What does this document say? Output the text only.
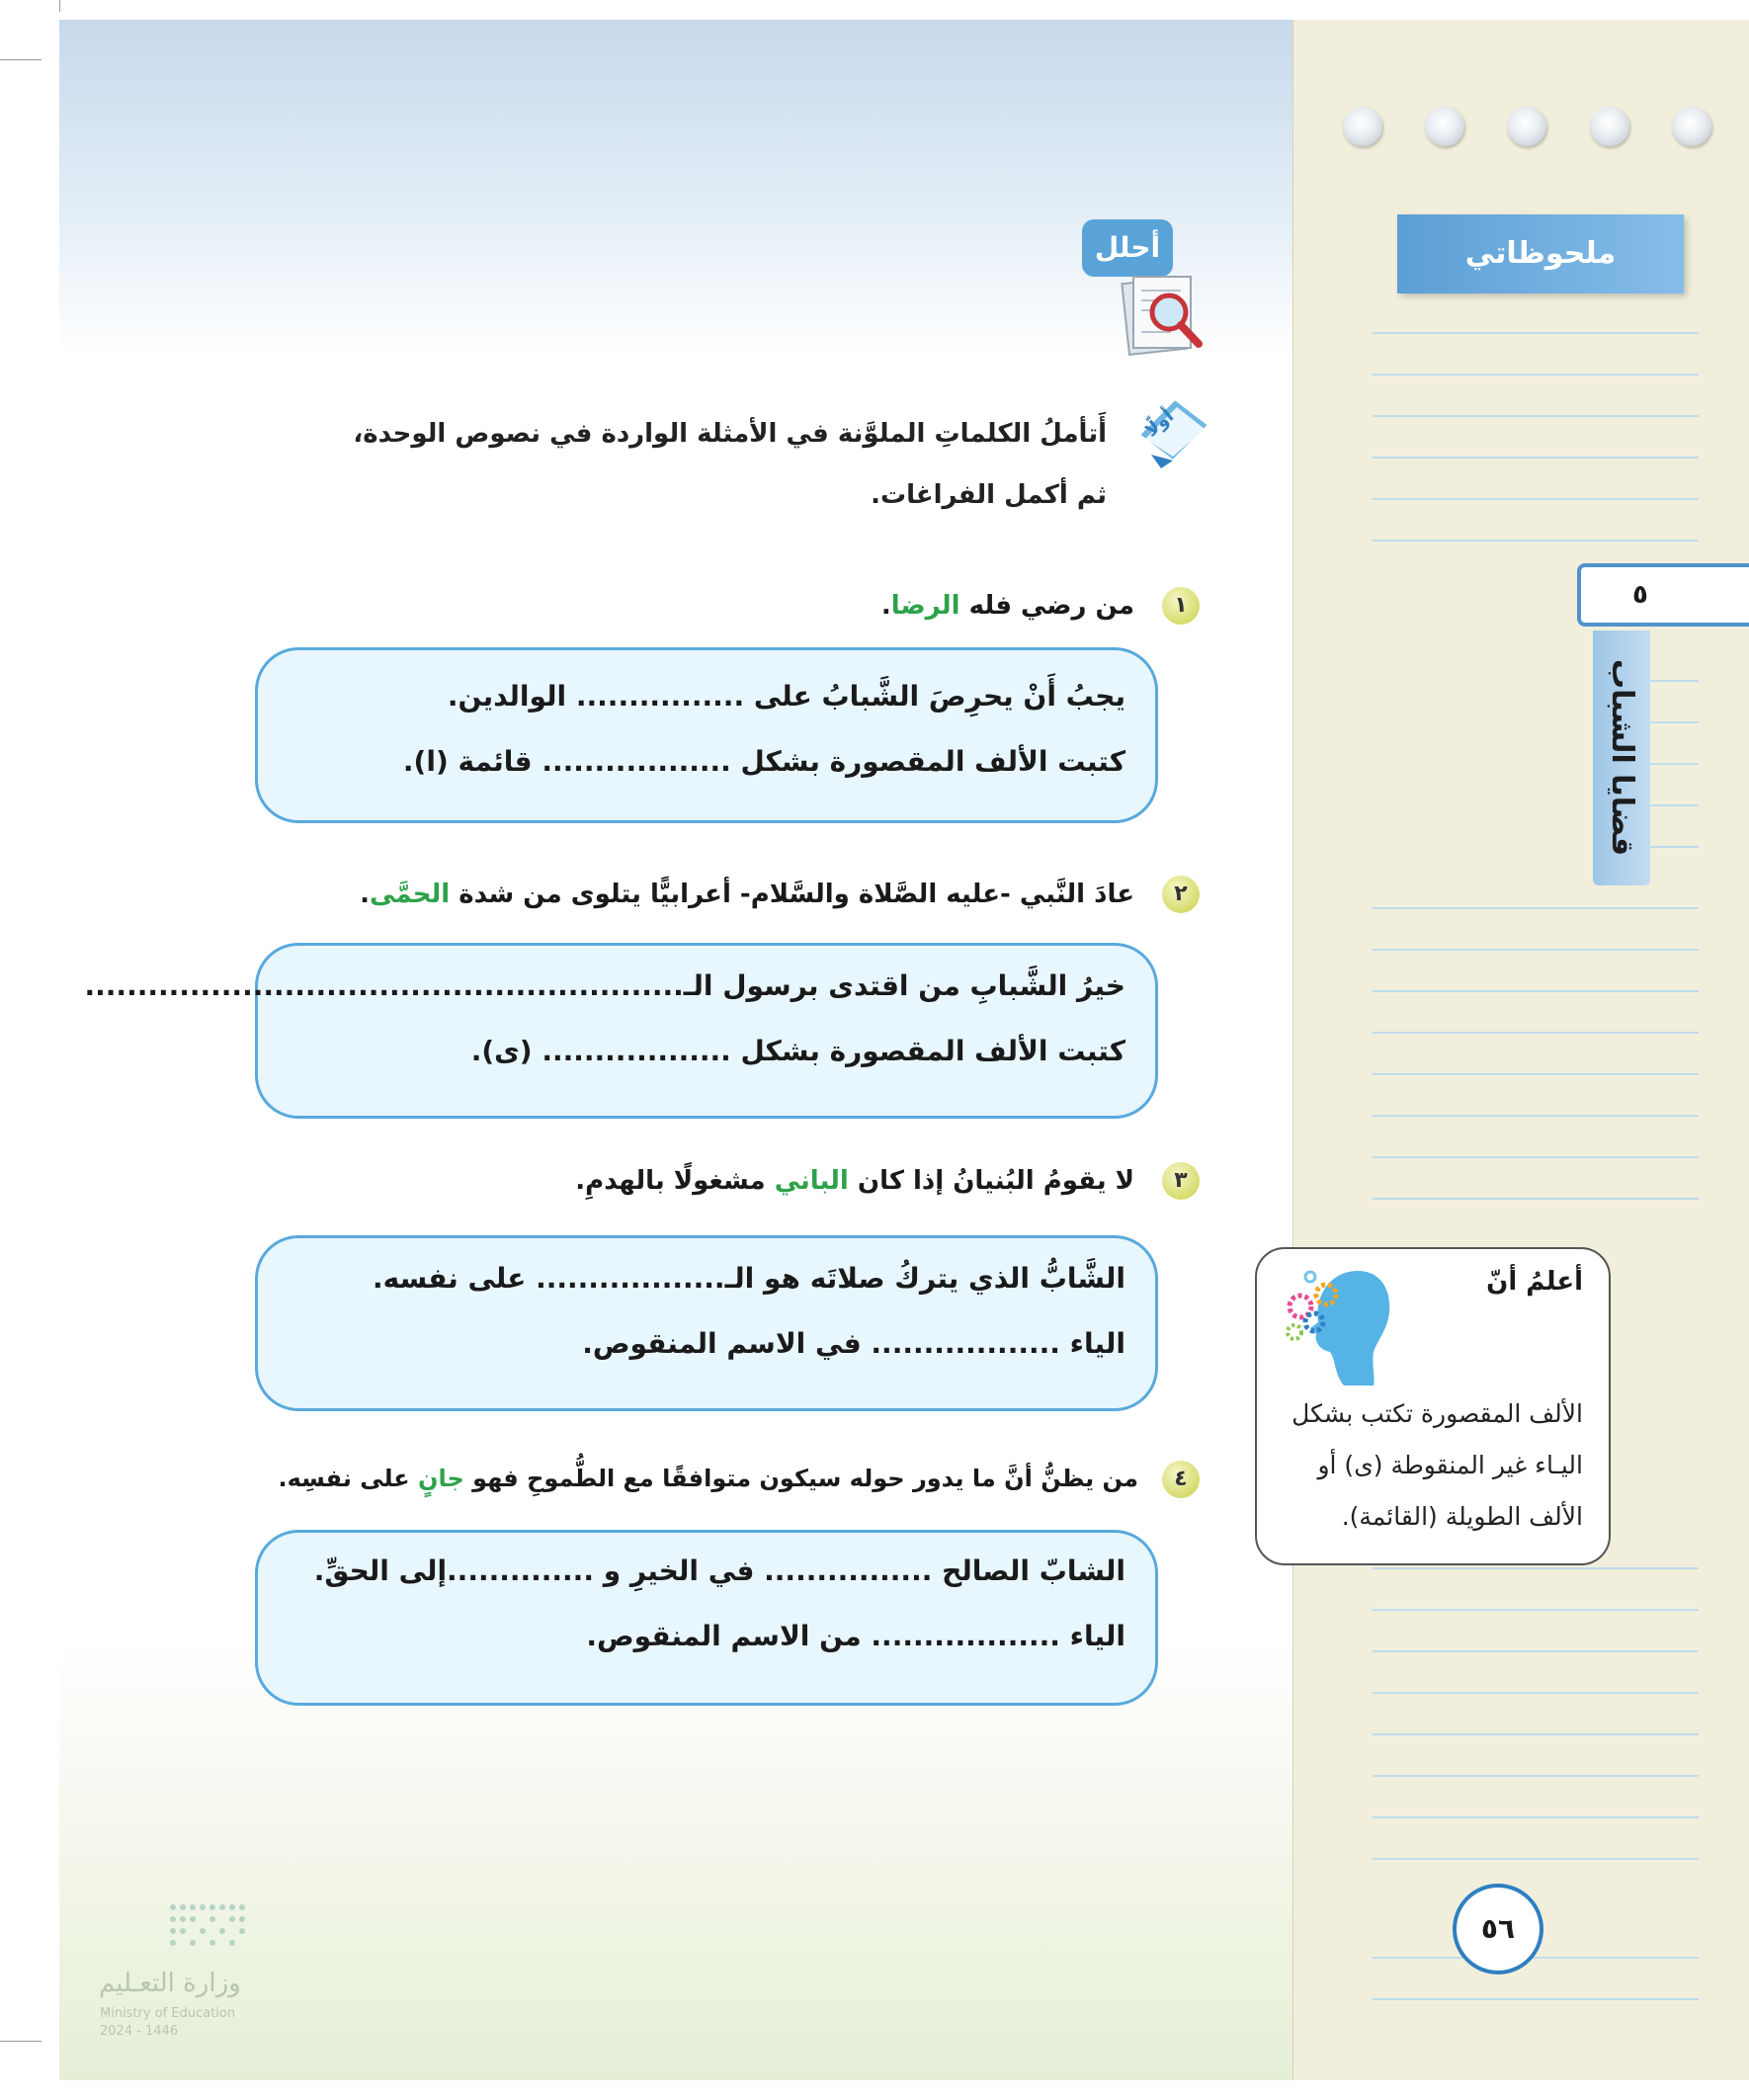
ملحوظاتي
٥
قضايا الشباب
أحلل
أولًا
أَتأملُ الكلماتِ الملوَّنة في الأمثلة الواردة في نصوص الوحدة،
ثم أكمل الفراغات.
١
من رضي فله الرضا.
يجبُ أَنْ يحرِصَ الشَّبابُ على ................ الوالدين.
كتبت الألف المقصورة بشكل .................. قائمة (ا).
٢
عادَ النَّبي -عليه الصَّلاة والسَّلام- أعرابيًّا يتلوى من شدة الحمَّى.
خيرُ الشَّبابِ من اقتدى برسول الـ.........................................................
كتبت الألف المقصورة بشكل .................. (ى).
٣
لا يقومُ البُنيانُ إذا كان الباني مشغولًا بالهدمِ.
الشَّابُّ الذي يتركُ صلاتَه هو الـ.................. على نفسه.
الياء .................. في الاسم المنقوص.
٤
من يظنُّ أنَّ ما يدور حوله سيكون متوافقًا مع الطُّموحِ فهو جانٍ على نفسِه.
الشابّ الصالح ................ في الخيرِ و ..............إلى الحقِّ.
الياء .................. من الاسم المنقوص.
أعلمُ أنّ
الألف المقصورة تكتب بشكل
اليـاء غير المنقوطة (ى) أو
الألف الطويلة (القائمة).
٥٦
وزارة التعـليم
Ministry of Education
2024 - 1446
